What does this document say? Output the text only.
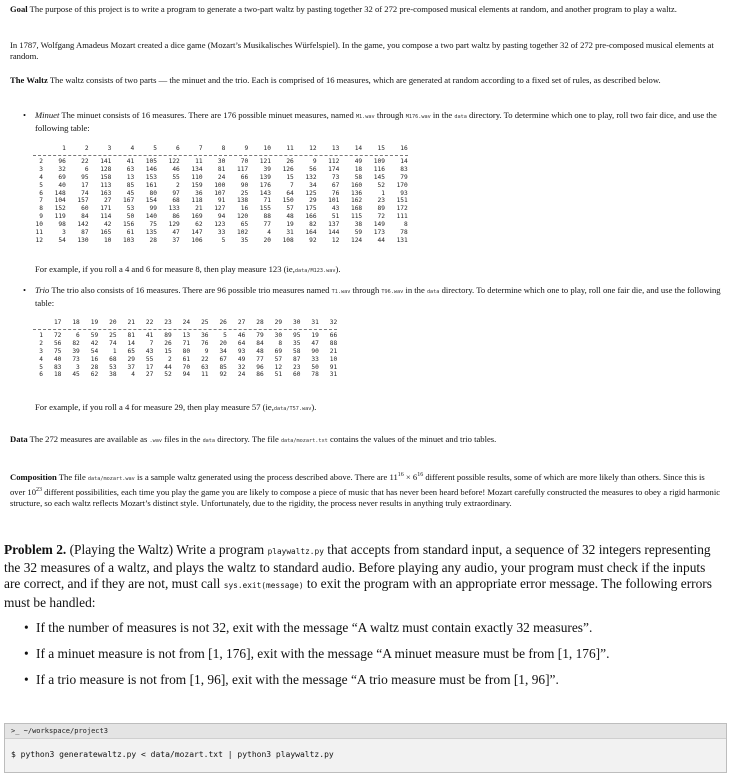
Goal The purpose of this project is to write a program to generate a two-part waltz by pasting together 32 of 272 pre-composed musical elements at random, and another program to play a waltz.
In 1787, Wolfgang Amadeus Mozart created a dice game (Mozart’s Musikalisches Würfelspiel). In the game, you compose a two part waltz by pasting together 32 of 272 pre-composed musical elements at random.
The Waltz The waltz consists of two parts — the minuet and the trio. Each is comprised of 16 measures, which are generated at random according to a fixed set of rules, as described below.
Minuet The minuet consists of 16 measures. There are 176 possible minuet measures, named M1.wav through M176.wav in the data directory. To determine which one to play, roll two fair dice, and use the following table:
1	2	3	4	5	6	7	8	9	10	11	12	13	14	15	16
2	96	22	141	41	105	122	11	30	70	121	26	9	112	49	109	14
3	32	6	128	63	146	46	134	81	117	39	126	56	174	18	116	83
4	69	95	158	13	153	55	110	24	66	139	15	132	73	58	145	79
5	40	17	113	85	161	2	159	100	90	176	7	34	67	160	52	170
6	148	74	163	45	80	97	36	107	25	143	64	125	76	136	1	93
7	104	157	27	167	154	68	118	91	138	71	150	29	101	162	23	151
8	152	60	171	53	99	133	21	127	16	155	57	175	43	168	89	172
9	119	84	114	50	140	86	169	94	120	88	48	166	51	115	72	111
10	98	142	42	156	75	129	62	123	65	77	19	82	137	38	149	8
11	3	87	165	61	135	47	147	33	102	4	31	164	144	59	173	78
12	54	130	10	103	28	37	106	5	35	20	108	92	12	124	44	131
For example, if you roll a 4 and 6 for measure 8, then play measure 123 (ie,data/M123.wav).
Trio The trio also consists of 16 measures. There are 96 possible trio measures named T1.wav through T96.wav in the data directory. To determine which one to play, roll one fair die, and use the following table:
17	18	19	20	21	22	23	24	25	26	27	28	29	30	31	32
1	72	6	59	25	81	41	89	13	36	5	46	79	30	95	19	66
2	56	82	42	74	14	7	26	71	76	20	64	84	8	35	47	88
3	75	39	54	1	65	43	15	80	9	34	93	48	69	58	90	21
4	40	73	16	68	29	55	2	61	22	67	49	77	57	87	33	10
5	83	3	28	53	37	17	44	70	63	85	32	96	12	23	50	91
6	18	45	62	38	4	27	52	94	11	92	24	86	51	60	78	31
For example, if you roll a 4 for measure 29, then play measure 57 (ie,data/T57.wav).
Data The 272 measures are available as .wav files in the data directory. The file data/mozart.txt contains the values of the minuet and trio tables.
Composition The file data/mozart.wav is a sample waltz generated using the process described above. There are $11^{16} \times 6^{16}$ different possible results, some of which are more likely than others. Since this is over $10^{23}$ different possibilities, each time you play the game you are likely to compose a piece of music that has never been heard before! Mozart carefully constructed the measures to obey a rigid harmonic structure, so each waltz reflects Mozart’s distinct style. Unfortunately, due to the rigidity, the process never results in anything truly extraordinary.
Problem 2. (Playing the Waltz) Write a program playwaltz.py that accepts from standard input, a sequence of 32 integers representing the 32 measures of a waltz, and plays the waltz to standard audio. Before playing any audio, your program must check if the inputs are correct, and if they are not, must call sys.exit(message) to exit the program with an appropriate error message. The following errors must be handled:
• If the number of measures is not 32, exit with the message “A waltz must contain exactly 32 measures”.
• If a minuet measure is not from [1, 176], exit with the message “A minuet measure must be from [1, 176]”.
• If a trio measure is not from [1, 96], exit with the message “A trio measure must be from [1, 96]”.
>_ ~/workspace/project3
$ python3 generatewaltz.py < data/mozart.txt | python3 playwaltz.py
